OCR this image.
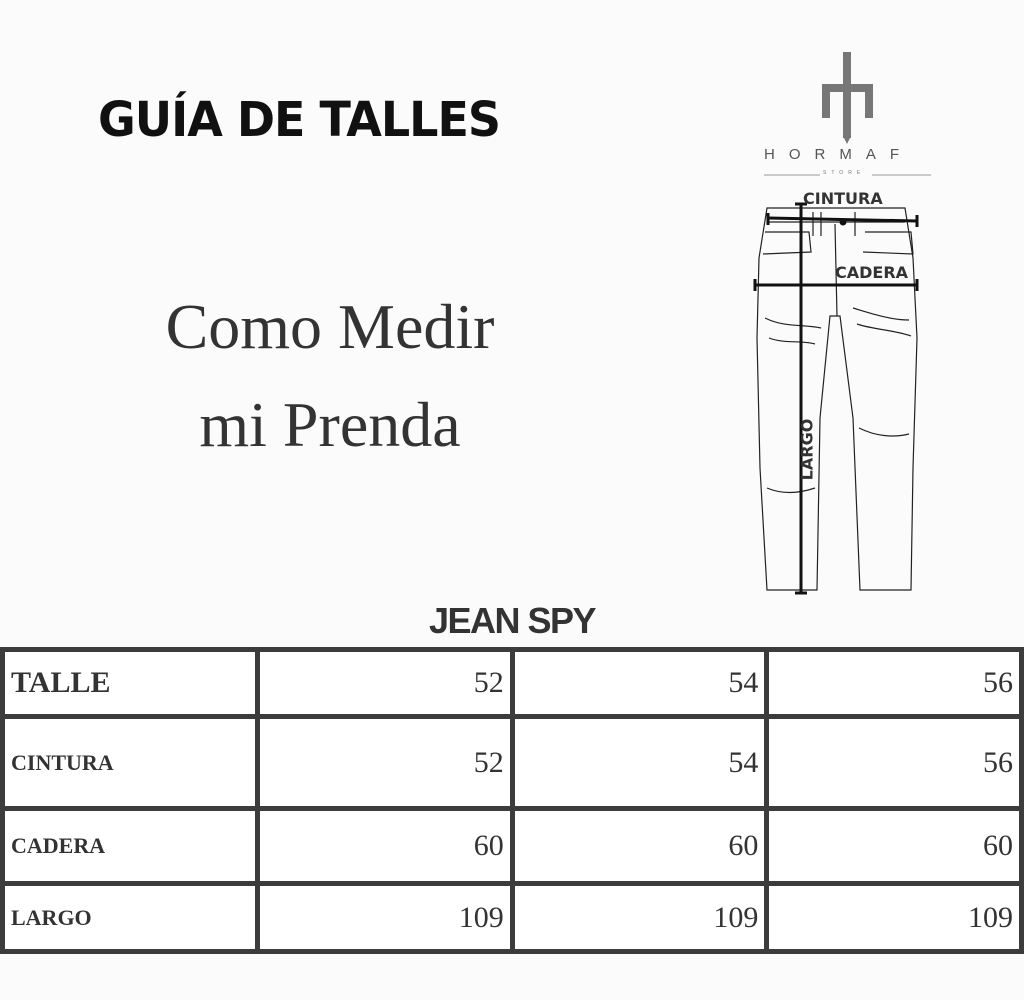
GUÍA DE TALLES
Como Medir
mi Prenda
HORMAF
STORE
CINTURA
CADERA
LARGO
JEAN SPY
TALLE	52	54	56
CINTURA	52	54	56
CADERA	60	60	60
LARGO	109	109	109
